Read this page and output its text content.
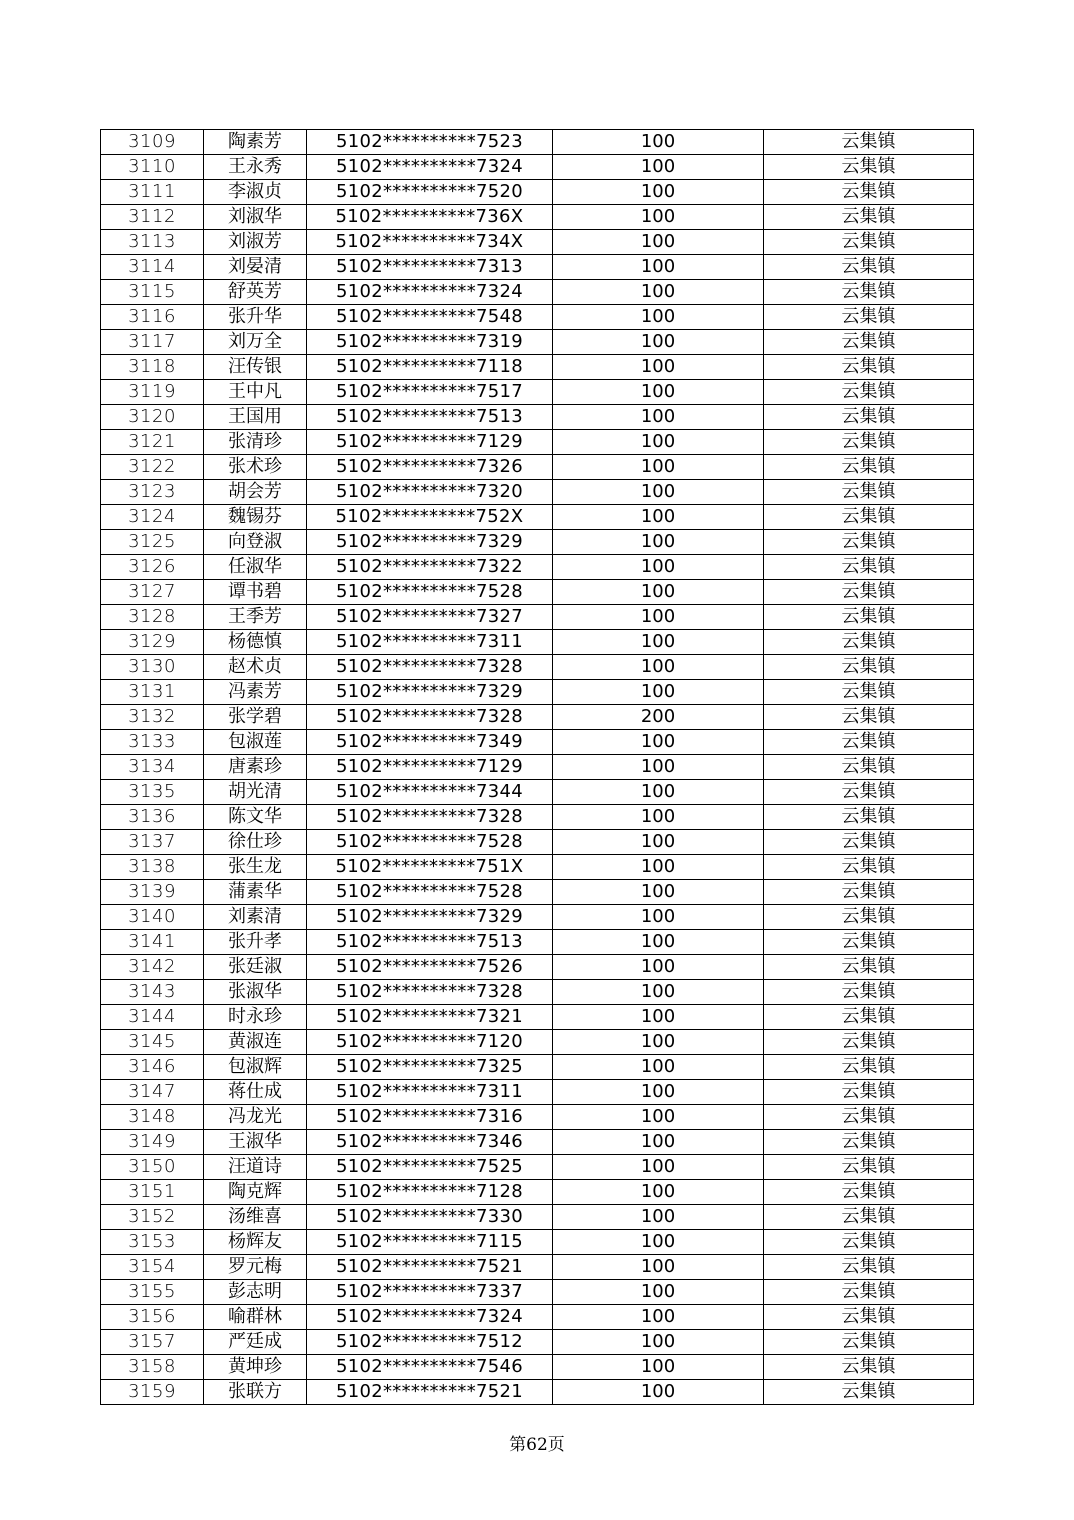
3109	陶素芳	5102**********7523	100	云集镇
3110	王永秀	5102**********7324	100	云集镇
3111	李淑贞	5102**********7520	100	云集镇
3112	刘淑华	5102**********736X	100	云集镇
3113	刘淑芳	5102**********734X	100	云集镇
3114	刘晏清	5102**********7313	100	云集镇
3115	舒英芳	5102**********7324	100	云集镇
3116	张升华	5102**********7548	100	云集镇
3117	刘万全	5102**********7319	100	云集镇
3118	汪传银	5102**********7118	100	云集镇
3119	王中凡	5102**********7517	100	云集镇
3120	王国用	5102**********7513	100	云集镇
3121	张清珍	5102**********7129	100	云集镇
3122	张术珍	5102**********7326	100	云集镇
3123	胡会芳	5102**********7320	100	云集镇
3124	魏锡芬	5102**********752X	100	云集镇
3125	向登淑	5102**********7329	100	云集镇
3126	任淑华	5102**********7322	100	云集镇
3127	谭书碧	5102**********7528	100	云集镇
3128	王季芳	5102**********7327	100	云集镇
3129	杨德慎	5102**********7311	100	云集镇
3130	赵术贞	5102**********7328	100	云集镇
3131	冯素芳	5102**********7329	100	云集镇
3132	张学碧	5102**********7328	200	云集镇
3133	包淑莲	5102**********7349	100	云集镇
3134	唐素珍	5102**********7129	100	云集镇
3135	胡光清	5102**********7344	100	云集镇
3136	陈文华	5102**********7328	100	云集镇
3137	徐仕珍	5102**********7528	100	云集镇
3138	张生龙	5102**********751X	100	云集镇
3139	蒲素华	5102**********7528	100	云集镇
3140	刘素清	5102**********7329	100	云集镇
3141	张升孝	5102**********7513	100	云集镇
3142	张廷淑	5102**********7526	100	云集镇
3143	张淑华	5102**********7328	100	云集镇
3144	时永珍	5102**********7321	100	云集镇
3145	黄淑连	5102**********7120	100	云集镇
3146	包淑辉	5102**********7325	100	云集镇
3147	蒋仕成	5102**********7311	100	云集镇
3148	冯龙光	5102**********7316	100	云集镇
3149	王淑华	5102**********7346	100	云集镇
3150	汪道诗	5102**********7525	100	云集镇
3151	陶克辉	5102**********7128	100	云集镇
3152	汤维喜	5102**********7330	100	云集镇
3153	杨辉友	5102**********7115	100	云集镇
3154	罗元梅	5102**********7521	100	云集镇
3155	彭志明	5102**********7337	100	云集镇
3156	喻群林	5102**********7324	100	云集镇
3157	严廷成	5102**********7512	100	云集镇
3158	黄坤珍	5102**********7546	100	云集镇
3159	张联方	5102**********7521	100	云集镇
第62页
